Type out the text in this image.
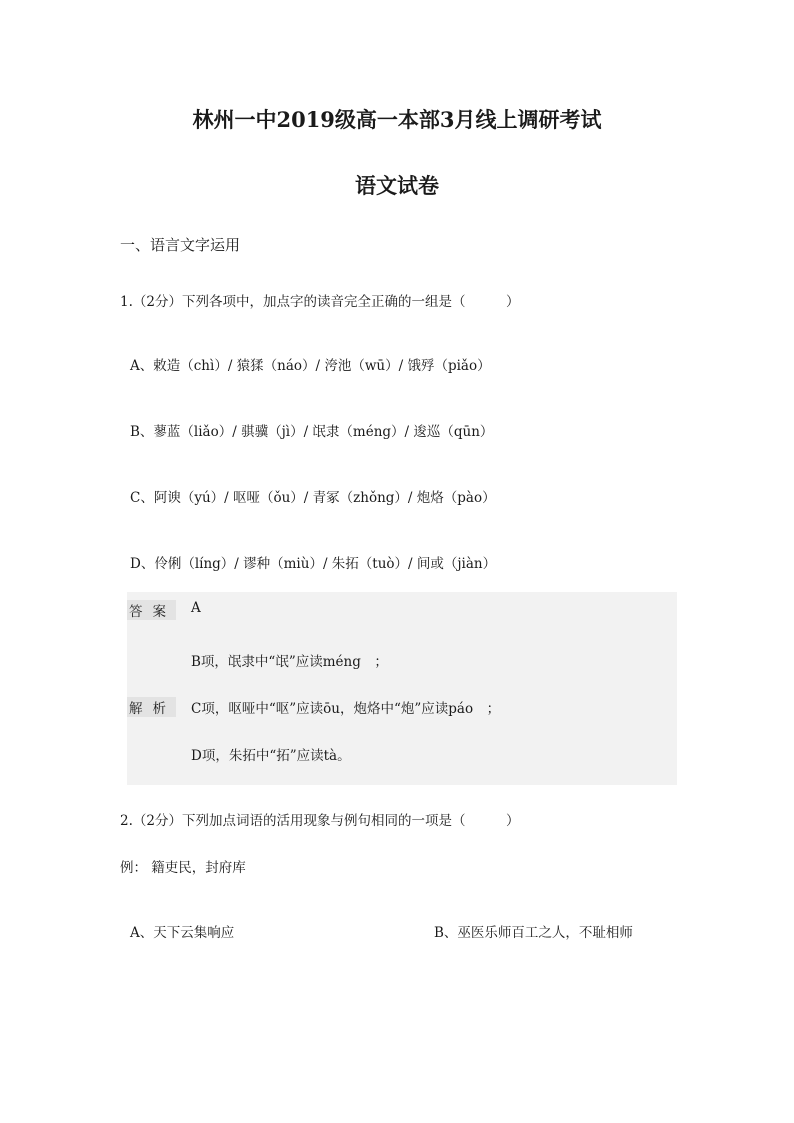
林州一中2019级高一本部3月线上调研考试
语文试卷
一、语言文字运用
1.（2分）下列各项中，加点字的读音完全正确的一组是（　　　）
A、敕造（chì）/ 猿猱（náo）/ 洿池（wū）/ 饿殍（piǎo）
B、蓼蓝（liǎo）/ 骐骥（jì）/ 氓隶（méng）/ 逡巡（qūn）
C、阿谀（yú）/ 呕哑（ǒu）/ 青冢（zhǒng）/ 炮烙（pào）
D、伶俐（líng）/ 谬种（miù）/ 朱拓（tuò）/ 间或（jiàn）
答案 A
B项，氓隶中“氓”应读méng　；
解析 C项，呕哑中“呕”应读ōu，炮烙中“炮”应读páo　；
D项，朱拓中“拓”应读tà。
2.（2分）下列加点词语的活用现象与例句相同的一项是（　　　）
例： 籍吏民，封府库
A、天下云集响应	B、巫医乐师百工之人，不耻相师
